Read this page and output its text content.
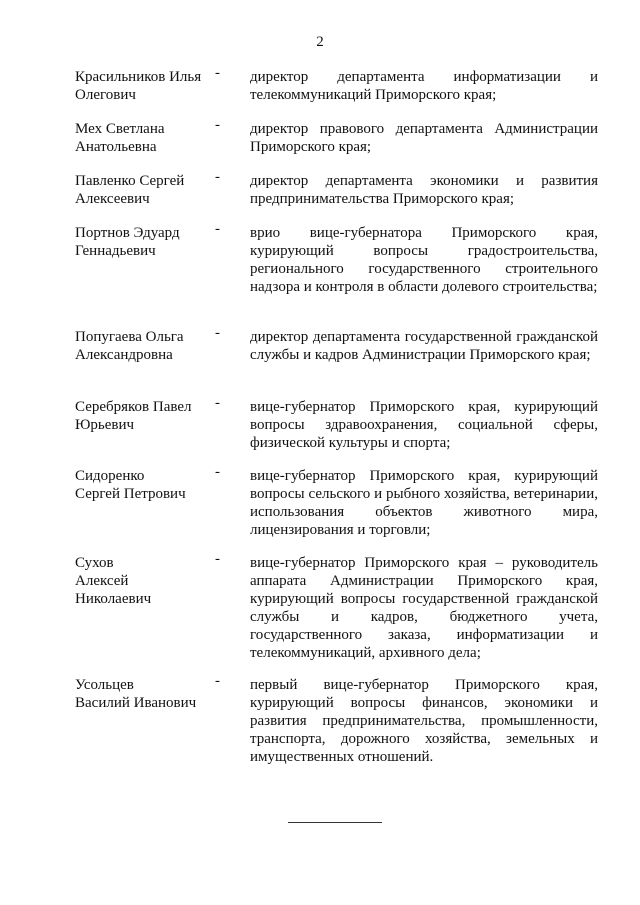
2
Красильников Илья
Олегович
- директор департамента информатизации и телекоммуникаций Приморского края;
Мех Светлана
Анатольевна
- директор правового департамента Администрации Приморского края;
Павленко Сергей
Алексеевич
- директор департамента экономики и развития предпринимательства Приморского края;
Портнов Эдуард
Геннадьевич
- врио вице-губернатора Приморского края, курирующий вопросы градостроительства, регионального государственного строительного надзора и контроля в области долевого строительства;
Попугаева Ольга
Александровна
- директор департамента государственной гражданской службы и кадров Администрации Приморского края;
Серебряков Павел
Юрьевич
- вице-губернатор Приморского края, курирующий вопросы здравоохранения, социальной сферы, физической культуры и спорта;
Сидоренко
Сергей Петрович
- вице-губернатор Приморского края, курирующий вопросы сельского и рыбного хозяйства, ветеринарии, использования объектов животного мира, лицензирования и торговли;
Сухов
Алексей
Николаевич
- вице-губернатор Приморского края – руководитель аппарата Администрации Приморского края, курирующий вопросы государственной гражданской службы и кадров, бюджетного учета, государственного заказа, информатизации и телекоммуникаций, архивного дела;
Усольцев
Василий Иванович
- первый вице-губернатор Приморского края, курирующий вопросы финансов, экономики и развития предпринимательства, промышленности, транспорта, дорожного хозяйства, земельных и имущественных отношений.
